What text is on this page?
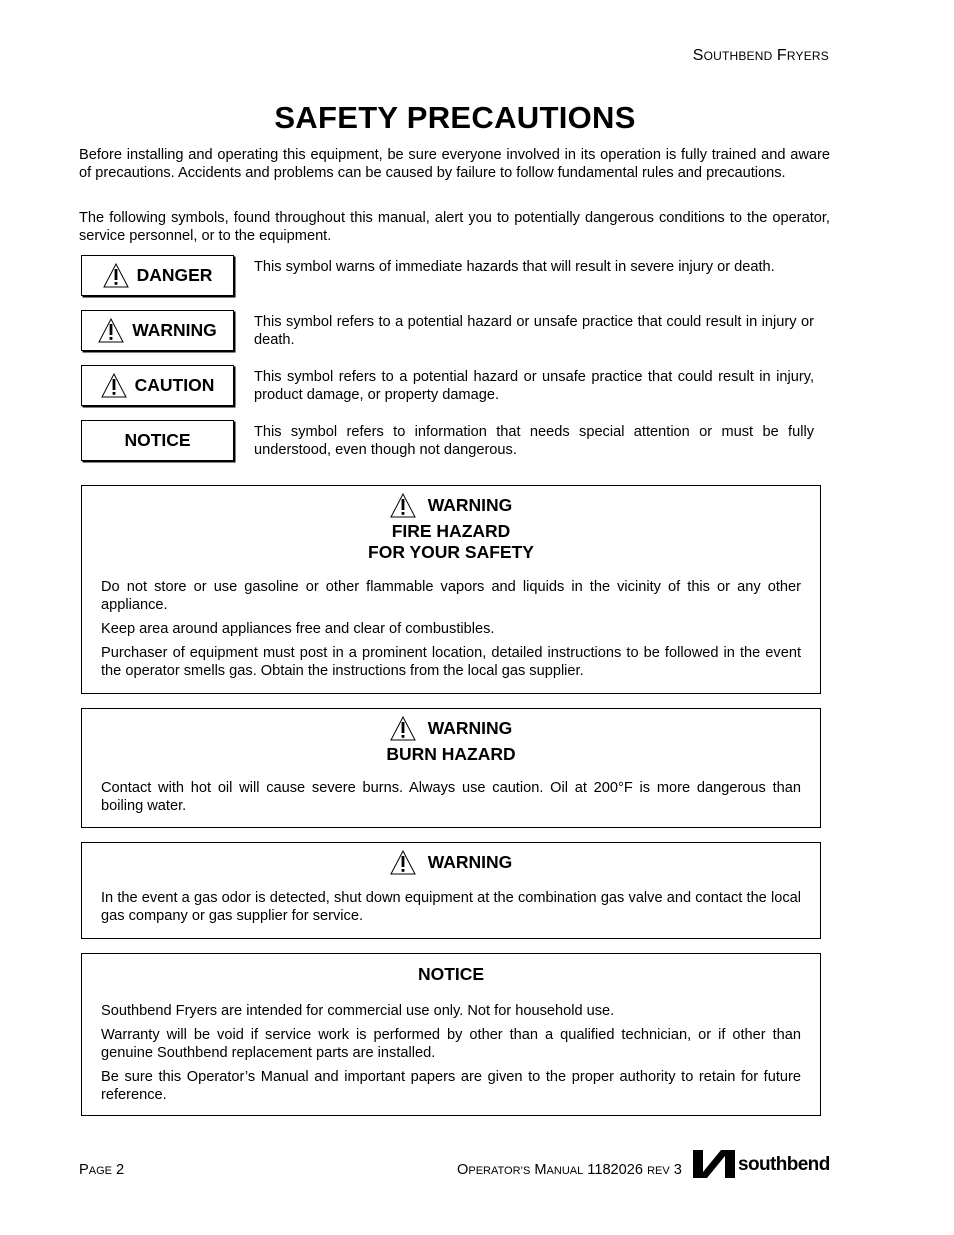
SOUTHBEND FRYERS
SAFETY PRECAUTIONS

Before installing and operating this equipment, be sure everyone involved in its operation is fully trained and aware of precautions. Accidents and problems can be caused by failure to follow fundamental rules and precautions.

The following symbols, found throughout this manual, alert you to potentially dangerous conditions to the operator, service personnel, or to the equipment.

DANGER	This symbol warns of immediate hazards that will result in severe injury or death.

WARNING	This symbol refers to a potential hazard or unsafe practice that could result in injury or death.

CAUTION	This symbol refers to a potential hazard or unsafe practice that could result in injury, product damage, or property damage.

NOTICE	This symbol refers to information that needs special attention or must be fully understood, even though not dangerous.

WARNING
FIRE HAZARD
FOR YOUR SAFETY

Do not store or use gasoline or other flammable vapors and liquids in the vicinity of this or any other appliance.

Keep area around appliances free and clear of combustibles.

Purchaser of equipment must post in a prominent location, detailed instructions to be followed in the event the operator smells gas. Obtain the instructions from the local gas supplier.

WARNING
BURN HAZARD

Contact with hot oil will cause severe burns. Always use caution. Oil at 200°F is more dangerous than boiling water.

WARNING

In the event a gas odor is detected, shut down equipment at the combination gas valve and contact the local gas company or gas supplier for service.

NOTICE

Southbend Fryers are intended for commercial use only. Not for household use.

Warranty will be void if service work is performed by other than a qualified technician, or if other than genuine Southbend replacement parts are installed.

Be sure this Operator’s Manual and important papers are given to the proper authority to retain for future reference.

PAGE 2	OPERATOR’S MANUAL 1182026 REV 3	southbend
